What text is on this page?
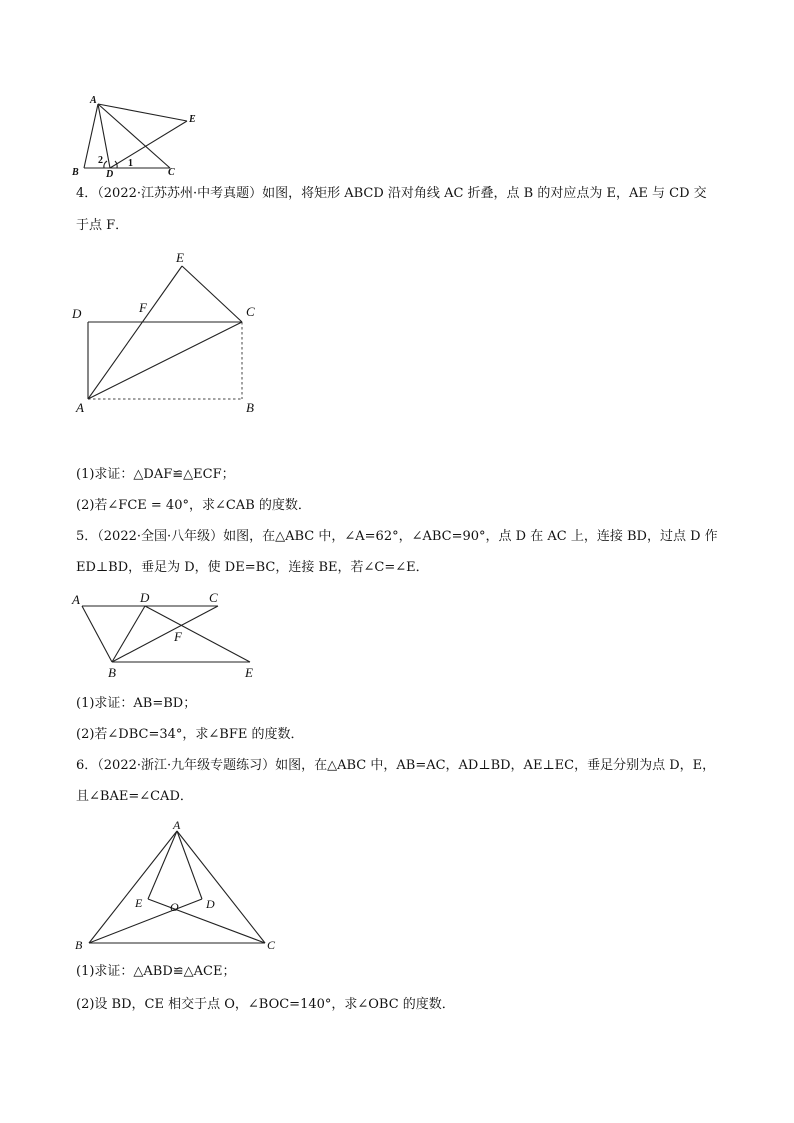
A
B	C
D
E
1
2
E
D	F	C
A	B
A	D	C
F
B	E
A
E O D
B	C
4．（2022·江苏苏州·中考真题）如图，将矩形 ABCD 沿对角线 AC 折叠，点 B 的对应点为 E，AE 与 CD 交
于点 F．
(1)求证：△DAF≌△ECF；
(2)若∠FCE = 40°，求∠CAB 的度数．
5．（2022·全国·八年级）如图，在△ABC 中，∠A=62°，∠ABC=90°，点 D 在 AC 上，连接 BD，过点 D 作
ED⊥BD，垂足为 D，使 DE=BC，连接 BE，若∠C=∠E．
(1)求证：AB=BD；
(2)若∠DBC=34°，求∠BFE 的度数．
6．（2022·浙江·九年级专题练习）如图，在△ABC 中，AB=AC，AD⊥BD，AE⊥EC，垂足分别为点 D，E，
且∠BAE=∠CAD．
(1)求证：△ABD≌△ACE；
(2)设 BD，CE 相交于点 O，∠BOC=140°，求∠OBC 的度数．
